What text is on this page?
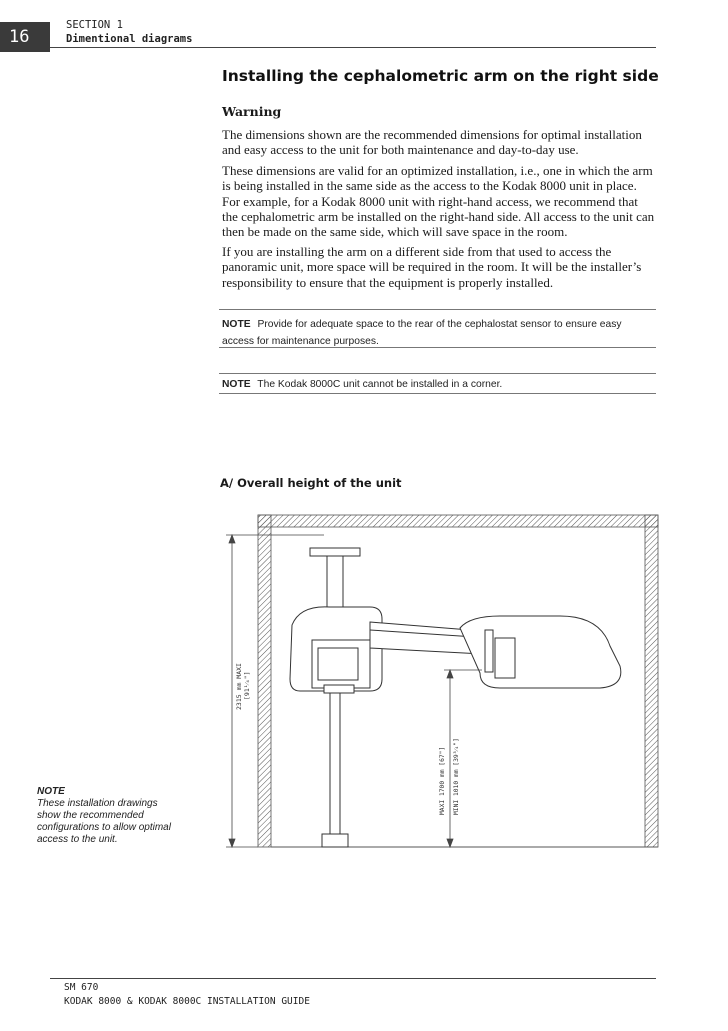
16
SECTION 1
Dimentional diagrams
Installing the cephalometric arm on the right side
Warning

The dimensions shown are the recommended dimensions for optimal installation and easy access to the unit for both maintenance and day-to-day use.

These dimensions are valid for an optimized installation, i.e., one in which the arm is being installed in the same side as the access to the Kodak 8000 unit in place. For example, for a Kodak 8000 unit with right-hand access, we recommend that the cephalometric arm be installed on the right-hand side. All access to the unit can then be made on the same side, which will save space in the room.

If you are installing the arm on a different side from that used to access the panoramic unit, more space will be required in the room. It will be the installer’s responsibility to ensure that the equipment is properly installed.

NOTE Provide for adequate space to the rear of the cephalostat sensor to ensure easy access for maintenance purposes.
NOTE The Kodak 8000C unit cannot be installed in a corner.
A/ Overall height of the unit
2315 mm MAXI [91¹⁄₄"]
MAXI 1700 mm [67"] MINI 1010 mm [39³⁄₄"]
NOTE
These installation drawings show the recommended configurations to allow optimal access to the unit.
SM 670
KODAK 8000 & KODAK 8000C INSTALLATION GUIDE
